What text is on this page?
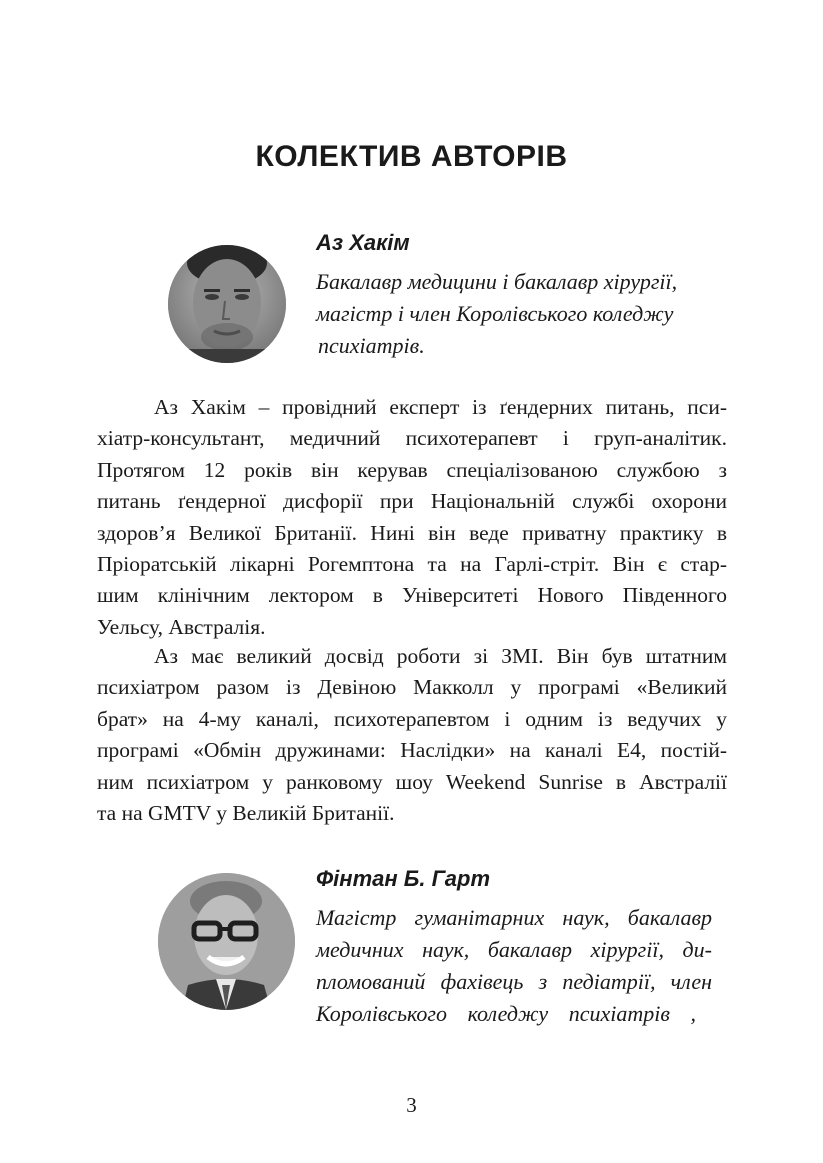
КОЛЕКТИВ АВТОРІВ
Аз Хакім
Бакалавр медицини і бакалавр хірургії,
магістр і член Королівського коледжу
психіатрів.
Аз Хакім – провідний експерт із ґендерних питань, пси-
хіатр-консультант, медичний психотерапевт і груп-аналітик.
Протягом 12 років він керував спеціалізованою службою з
питань ґендерної дисфорії при Національній службі охорони
здоров’я Великої Британії. Нині він веде приватну практику в
Пріоратській лікарні Рогемптона та на Гарлі-стріт. Він є стар-
шим клінічним лектором в Університеті Нового Південного
Уельсу, Австралія.
Аз має великий досвід роботи зі ЗМІ. Він був штатним
психіатром разом із Девіною Макколл у програмі «Великий
брат» на 4-му каналі, психотерапевтом і одним із ведучих у
програмі «Обмін дружинами: Наслідки» на каналі E4, постій-
ним психіатром у ранковому шоу Weekend Sunrise в Австралії
та на GMTV у Великій Британії.
Фінтан Б. Гарт
Магістр гуманітарних наук, бакалавр
медичних наук, бакалавр хірургії, ди-
пломований фахівець з педіатрії, член
Королівського коледжу психіатрів ,
3
